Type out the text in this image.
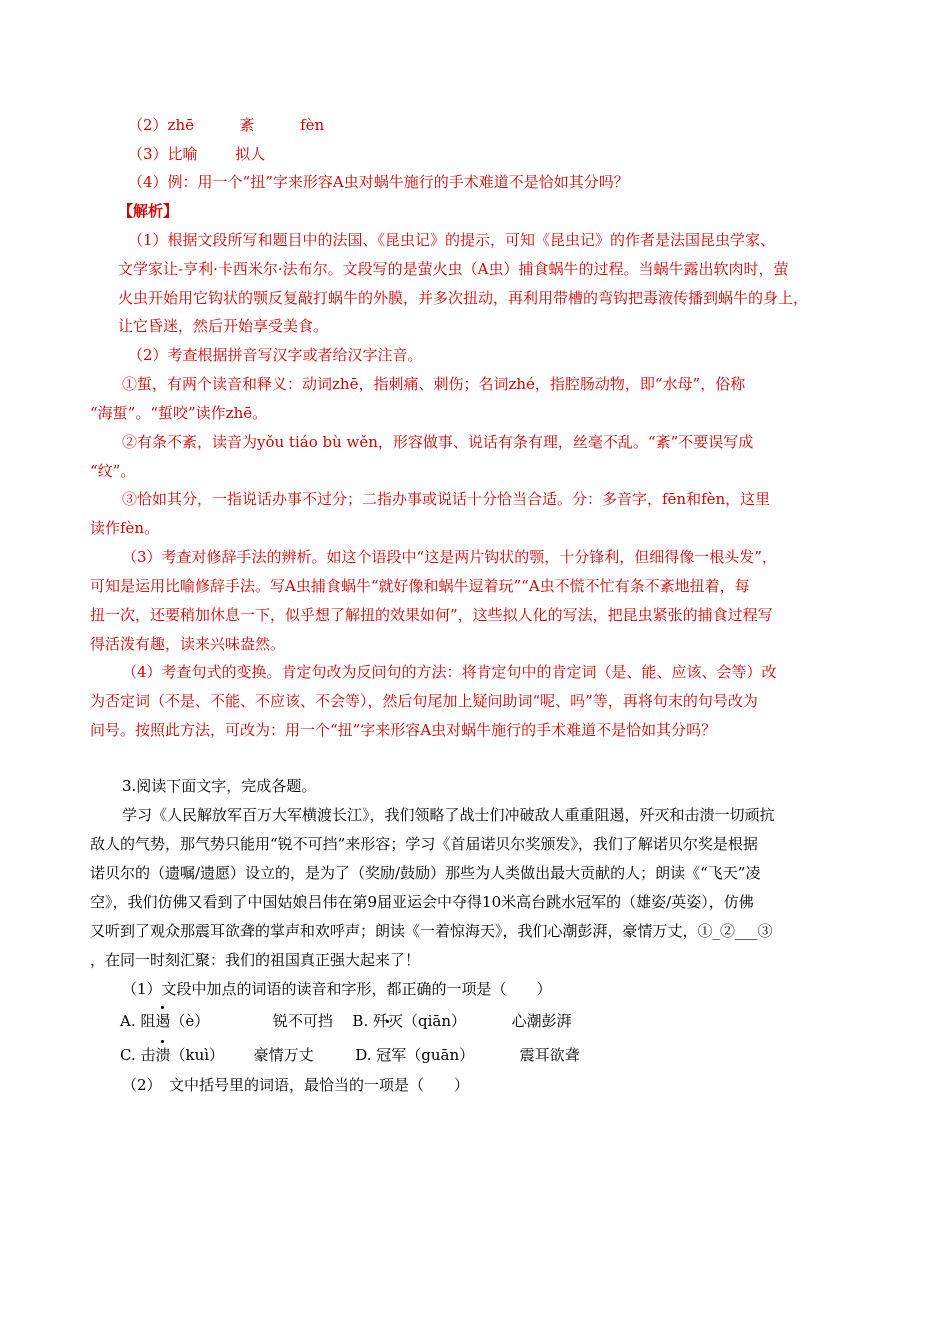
（2）zhē	紊	fèn
（3）比喻	拟人
（4）例：用一个“扭”字来形容A虫对蜗牛施行的手术难道不是恰如其分吗？
【解析】
（1）根据文段所写和题目中的法国、《昆虫记》的提示，可知《昆虫记》的作者是法国昆虫学家、
文学家让-亨利·卡西米尔·法布尔。文段写的是萤火虫（A虫）捕食蜗牛的过程。当蜗牛露出软肉时，萤
火虫开始用它钩状的颚反复敲打蜗牛的外膜，并多次扭动，再利用带槽的弯钩把毒液传播到蜗牛的身上，
让它昏迷，然后开始享受美食。
（2）考查根据拼音写汉字或者给汉字注音。
①蜇，有两个读音和释义：动词zhē，指刺痛、刺伤；名词zhé，指腔肠动物，即“水母”，俗称
“海蜇”。“蜇咬”读作zhē。
②有条不紊，读音为yǒu tiáo bù wěn，形容做事、说话有条有理，丝毫不乱。“紊”不要误写成
“纹”。
③恰如其分，一指说话办事不过分；二指办事或说话十分恰当合适。分：多音字，fēn和fèn，这里
读作fèn。
（3）考查对修辞手法的辨析。如这个语段中“这是两片钩状的颚，十分锋利，但细得像一根头发”，
可知是运用比喻修辞手法。写A虫捕食蜗牛“就好像和蜗牛逗着玩”“A虫不慌不忙有条不紊地扭着，每
扭一次，还要稍加休息一下，似乎想了解扭的效果如何”，这些拟人化的写法，把昆虫紧张的捕食过程写
得活泼有趣，读来兴味盎然。
（4）考查句式的变换。肯定句改为反问句的方法：将肯定句中的肯定词（是、能、应该、会等）改
为否定词（不是、不能、不应该、不会等），然后句尾加上疑问助词“呢、吗”等，再将句末的句号改为
问号。按照此方法，可改为：用一个“扭”字来形容A虫对蜗牛施行的手术难道不是恰如其分吗？
3.阅读下面文字，完成各题。
学习《人民解放军百万大军横渡长江》，我们领略了战士们冲破敌人重重阻遏，歼灭和击溃一切顽抗
敌人的气势，那气势只能用“锐不可挡”来形容；学习《首届诺贝尔奖颁发》，我们了解诺贝尔奖是根据
诺贝尔的（遗嘱/遗愿）设立的，是为了（奖励/鼓励）那些为人类做出最大贡献的人；朗读《“飞天”凌
空》，我们仿佛又看到了中国姑娘吕伟在第9届亚运会中夺得10米高台跳水冠军的（雄姿/英姿），仿佛
又听到了观众那震耳欲聋的掌声和欢呼声；朗读《一着惊海天》，我们心潮彭湃，豪情万丈，①_②___③
，在同一时刻汇聚：我们的祖国真正强大起来了！
（1）文段中加点的词语的读音和字形，都正确的一项是（　　）
A. 阻遏（è）	锐不可挡 B. 歼灭（qiān）	心潮彭湃
C. 击溃（kuì） 豪情万丈	D. 冠军（guān）	震耳欲聋
（2）　文中括号里的词语，最恰当的一项是（　　）
